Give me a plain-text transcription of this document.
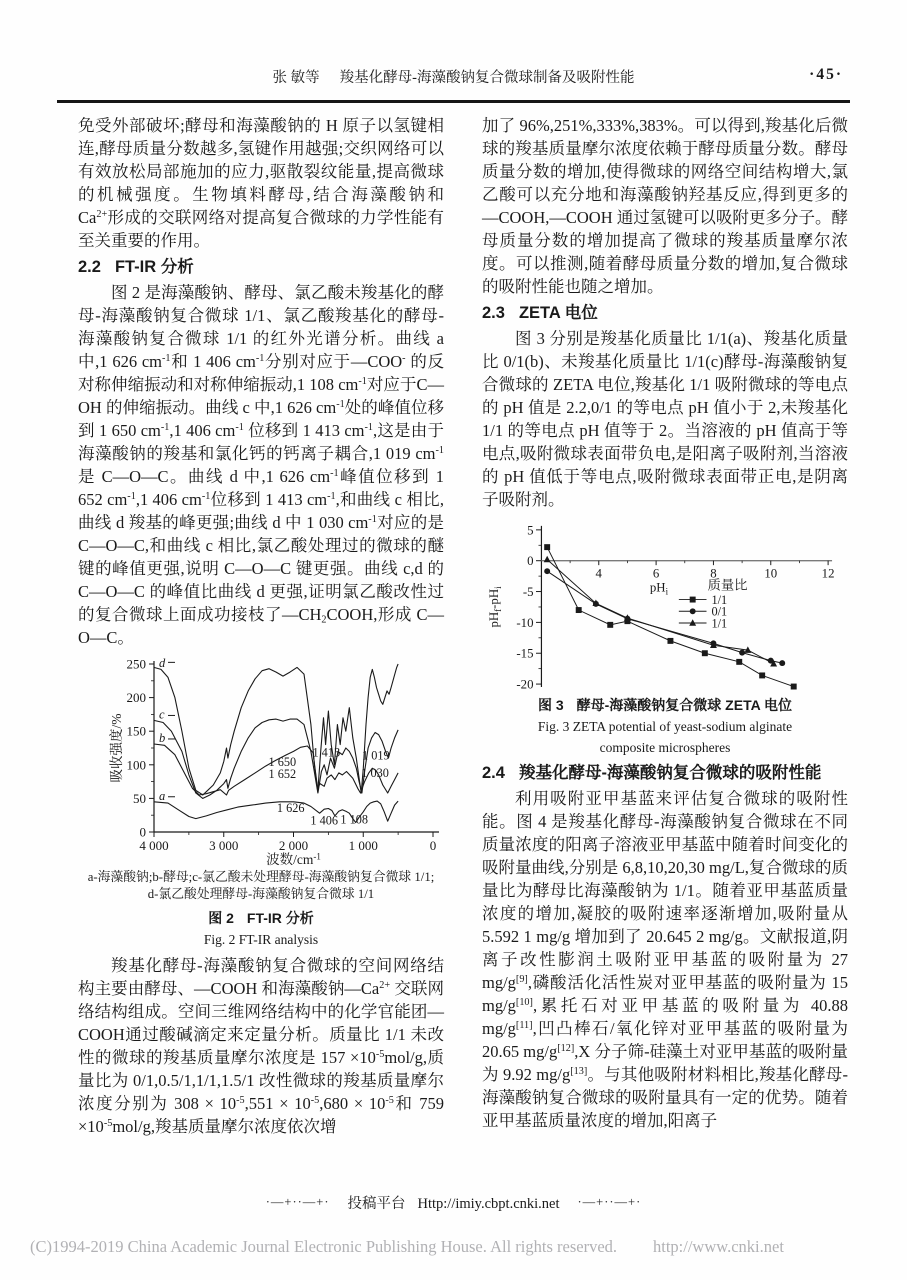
张 敏等 羧基化酵母-海藻酸钠复合微球制备及吸附性能	·45·

免受外部破坏;酵母和海藻酸钠的 H 原子以氢键相连,酵母质量分数越多,氢键作用越强;交织网络可以有效放松局部施加的应力,驱散裂纹能量,提高微球的机械强度。生物填料酵母,结合海藻酸钠和 $Ca^{2+}$形成的交联网络对提高复合微球的力学性能有至关重要的作用。

2.2 FT-IR 分析

图 2 是海藻酸钠、酵母、氯乙酸未羧基化的酵母-海藻酸钠复合微球 1/1、氯乙酸羧基化的酵母-海藻酸钠复合微球 1/1 的红外光谱分析。曲线 a 中,1 626 $cm^{-1}$和 1 406 $cm^{-1}$分别对应于—COO- 的反对称伸缩振动和对称伸缩振动,1 108 $cm^{-1}$对应于C—OH 的伸缩振动。曲线 c 中,1 626 $cm^{-1}$处的峰值位移到 1 650 $cm^{-1},1$ 406 $cm^{-1}$ 位移到 1 413 $cm^{-1}$,这是由于海藻酸钠的羧基和氯化钙的钙离子耦合,1 019 $cm^{-1}$是 C—O—C。曲线 d 中,1 626 $cm^{-1}$峰值位移到 1 652 $cm^{-1},1$ 406 $cm^{-1}$位移到 1 413 $cm^{-1}$,和曲线 c 相比,曲线 d 羧基的峰更强;曲线 d 中 1 030 $cm^{-1}$对应的是 C—O—C,和曲线 c 相比,氯乙酸处理过的微球的醚键的峰值更强,说明 C—O—C 键更强。曲线 c,d 的 C—O—C 的峰值比曲线 d 更强,证明氯乙酸改性过的复合微球上面成功接枝了$—CH_2COOH$,形成 C—O—C。

0
50
100
150
200
250
4 000	3 000	2 000	1 000	0
波数$/cm^{-1}$
吸收强度/%
a
b
c
d
1 650
1 652
1 413 1 019
1 030
1 626
1 406 1 108
a-海藻酸钠;b-酵母;c-氯乙酸未处理酵母-海藻酸钠复合微球 1/1;
d-氯乙酸处理酵母-海藻酸钠复合微球 1/1
图 2 FT-IR 分析
Fig. 2 FT-IR analysis

羧基化酵母-海藻酸钠复合微球的空间网络结构主要由酵母、—COOH 和海藻酸钠$—Ca^{2+}$ 交联网络结构组成。空间三维网络结构中的化学官能团—COOH通过酸碱滴定来定量分析。质量比 1/1 未改性的微球的羧基质量摩尔浓度是 $157 \times 10^{-5}mol/g$,质量比为 0/1,0.5/1,1/1,1.5/1 改性微球的羧基质量摩尔浓度分别为 $308 \times 10^{-5},551 \times 10^{-5},680 \times 10^{-5}$和 $759 \times 10^{-5}mol/g$,羧基质量摩尔浓度依次增

加了 96%,251%,333%,383%。可以得到,羧基化后微球的羧基质量摩尔浓度依赖于酵母质量分数。酵母质量分数的增加,使得微球的网络空间结构增大,氯乙酸可以充分地和海藻酸钠羟基反应,得到更多的—COOH,—COOH 通过氢键可以吸附更多分子。酵母质量分数的增加提高了微球的羧基质量摩尔浓度。可以推测,随着酵母质量分数的增加,复合微球的吸附性能也随之增加。

2.3 ZETA 电位

图 3 分别是羧基化质量比 1/1(a)、羧基化质量比 0/1(b)、未羧基化质量比 1/1(c)酵母-海藻酸钠复合微球的 ZETA 电位,羧基化 1/1 吸附微球的等电点的 pH 值是 2.2,0/1 的等电点 pH 值小于 2,未羧基化 1/1 的等电点 pH 值等于 2。当溶液的 pH 值高于等电点,吸附微球表面带负电,是阳离子吸附剂,当溶液的 pH 值低于等电点,吸附微球表面带正电,是阴离子吸附剂。

5
0
-5
-10
-15
-20
4	6	8	10	12
$pH_i$
$pH_f-pH_i$	质量比
1/1
0/1
1/1
图 3 酵母-海藻酸钠复合微球 ZETA 电位
Fig. 3 ZETA potential of yeast-sodium alginate
composite microspheres
2.4 羧基化酵母-海藻酸钠复合微球的吸附性能

利用吸附亚甲基蓝来评估复合微球的吸附性能。图 4 是羧基化酵母-海藻酸钠复合微球在不同质量浓度的阳离子溶液亚甲基蓝中随着时间变化的吸附量曲线,分别是 6,8,10,20,30 mg/L,复合微球的质量比为酵母比海藻酸钠为 1/1。随着亚甲基蓝质量浓度的增加,凝胶的吸附速率逐渐增加,吸附量从 5.592 1 mg/g 增加到了 20.645 2 mg/g。文献报道,阴离子改性膨润土吸附亚甲基蓝的吸附量为 27 mg/g[9],磷酸活化活性炭对亚甲基蓝的吸附量为 15 mg/g[10],累托石对亚甲基蓝的吸附量为 40.88 mg/g[11],凹凸棒石/氧化锌对亚甲基蓝的吸附量为 20.65 mg/g[12],X 分子筛-硅藻土对亚甲基蓝的吸附量为 9.92 mg/g[13]。与其他吸附材料相比,羧基化酵母-海藻酸钠复合微球的吸附量具有一定的优势。随着亚甲基蓝质量浓度的增加,阳离子

·—+··—+· 投稿平台 Http://imiy.cbpt.cnki.net ·—+··—+·
(C)1994-2019 China Academic Journal Electronic Publishing House. All rights reserved. http://www.cnki.net
